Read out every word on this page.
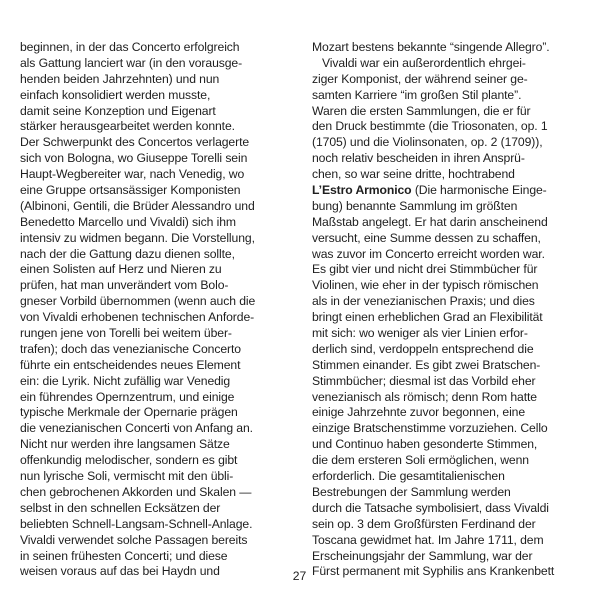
beginnen, in der das Concerto erfolgreich
als Gattung lanciert war (in den vorausge-
henden beiden Jahrzehnten) und nun
einfach konsolidiert werden musste,
damit seine Konzeption und Eigenart
stärker herausgearbeitet werden konnte.
Der Schwerpunkt des Concertos verlagerte
sich von Bologna, wo Giuseppe Torelli sein
Haupt-Wegbereiter war, nach Venedig, wo
eine Gruppe ortsansässiger Komponisten
(Albinoni, Gentili, die Brüder Alessandro und
Benedetto Marcello und Vivaldi) sich ihm
intensiv zu widmen begann. Die Vorstellung,
nach der die Gattung dazu dienen sollte,
einen Solisten auf Herz und Nieren zu
prüfen, hat man unverändert vom Bolo-
gneser Vorbild übernommen (wenn auch die
von Vivaldi erhobenen technischen Anforde-
rungen jene von Torelli bei weitem über-
trafen); doch das venezianische Concerto
führte ein entscheidendes neues Element
ein: die Lyrik. Nicht zufällig war Venedig
ein führendes Opernzentrum, und einige
typische Merkmale der Opernarie prägen
die venezianischen Concerti von Anfang an.
Nicht nur werden ihre langsamen Sätze
offenkundig melodischer, sondern es gibt
nun lyrische Soli, vermischt mit den übli-
chen gebrochenen Akkorden und Skalen —
selbst in den schnellen Ecksätzen der
beliebten Schnell-Langsam-Schnell-Anlage.
Vivaldi verwendet solche Passagen bereits
in seinen frühesten Concerti; und diese
weisen voraus auf das bei Haydn und
Mozart bestens bekannte “singende Allegro”.
Vivaldi war ein außerordentlich ehrgei-
ziger Komponist, der während seiner ge-
samten Karriere “im großen Stil plante”.
Waren die ersten Sammlungen, die er für
den Druck bestimmte (die Triosonaten, op. 1
(1705) und die Violinsonaten, op. 2 (1709)),
noch relativ bescheiden in ihren Ansprü-
chen, so war seine dritte, hochtrabend
L’Estro Armonico (Die harmonische Einge-
bung) benannte Sammlung im größten
Maßstab angelegt. Er hat darin anscheinend
versucht, eine Summe dessen zu schaffen,
was zuvor im Concerto erreicht worden war.
Es gibt vier und nicht drei Stimmbücher für
Violinen, wie eher in der typisch römischen
als in der venezianischen Praxis; und dies
bringt einen erheblichen Grad an Flexibilität
mit sich: wo weniger als vier Linien erfor-
derlich sind, verdoppeln entsprechend die
Stimmen einander. Es gibt zwei Bratschen-
Stimmbücher; diesmal ist das Vorbild eher
venezianisch als römisch; denn Rom hatte
einige Jahrzehnte zuvor begonnen, eine
einzige Bratschenstimme vorzuziehen. Cello
und Continuo haben gesonderte Stimmen,
die dem ersteren Soli ermöglichen, wenn
erforderlich. Die gesamtitalienischen
Bestrebungen der Sammlung werden
durch die Tatsache symbolisiert, dass Vivaldi
sein op. 3 dem Großfürsten Ferdinand der
Toscana gewidmet hat. Im Jahre 1711, dem
Erscheinungsjahr der Sammlung, war der
Fürst permanent mit Syphilis ans Krankenbett
27
